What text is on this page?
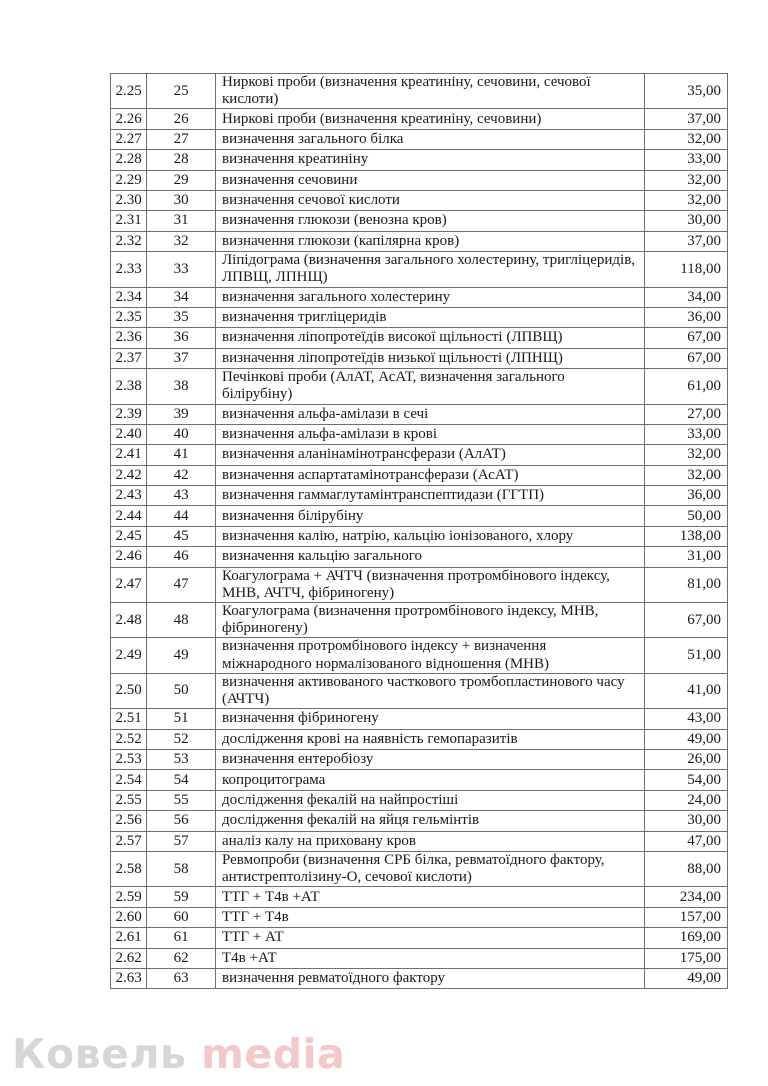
2.25	25	Ниркові проби (визначення креатиніну, сечовини, сечової кислоти)	35,00
2.26	26	Ниркові проби (визначення креатиніну, сечовини)	37,00
2.27	27	визначення загального білка	32,00
2.28	28	визначення креатиніну	33,00
2.29	29	визначення сечовини	32,00
2.30	30	визначення сечової кислоти	32,00
2.31	31	визначення глюкози (венозна кров)	30,00
2.32	32	визначення глюкози (капілярна кров)	37,00
2.33	33	Ліпідограма (визначення загального холестерину, тригліцеридів, ЛПВЩ, ЛПНЩ)	118,00
2.34	34	визначення загального холестерину	34,00
2.35	35	визначення тригліцеридів	36,00
2.36	36	визначення ліпопротеїдів високої щільності (ЛПВЩ)	67,00
2.37	37	визначення ліпопротеїдів низької щільності (ЛПНЩ)	67,00
2.38	38	Печінкові проби (АлАТ, АсАТ, визначення загального білірубіну)	61,00
2.39	39	визначення альфа-амілази в сечі	27,00
2.40	40	визначення альфа-амілази в крові	33,00
2.41	41	визначення аланінамінотрансферази (АлАТ)	32,00
2.42	42	визначення аспартатамінотрансферази (АсАТ)	32,00
2.43	43	визначення гаммаглутамінтранспептидази (ГГТП)	36,00
2.44	44	визначення білірубіну	50,00
2.45	45	визначення калію, натрію, кальцію іонізованого, хлору	138,00
2.46	46	визначення кальцію загального	31,00
2.47	47	Коагулограма + АЧТЧ (визначення протромбінового індексу, МНВ, АЧТЧ, фібриногену)	81,00
2.48	48	Коагулограма (визначення протромбінового індексу, МНВ, фібриногену)	67,00
2.49	49	визначення протромбінового індексу + визначення міжнародного нормалізованого відношення (МНВ)	51,00
2.50	50	визначення активованого часткового тромбопластинового часу (АЧТЧ)	41,00
2.51	51	визначення фібриногену	43,00
2.52	52	дослідження крові на наявність гемопаразитів	49,00
2.53	53	визначення ентеробіозу	26,00
2.54	54	копроцитограма	54,00
2.55	55	дослідження фекалій на найпростіші	24,00
2.56	56	дослідження фекалій на яйця гельмінтів	30,00
2.57	57	аналіз калу на приховану кров	47,00
2.58	58	Ревмопроби (визначення СРБ білка, ревматоїдного фактору, антистрептолізину-О, сечової кислоти)	88,00
2.59	59	ТТГ + Т4в +АТ	234,00
2.60	60	ТТГ + Т4в	157,00
2.61	61	ТТГ + АТ	169,00
2.62	62	Т4в +АТ	175,00
2.63	63	визначення ревматоїдного фактору	49,00
Ковель media
